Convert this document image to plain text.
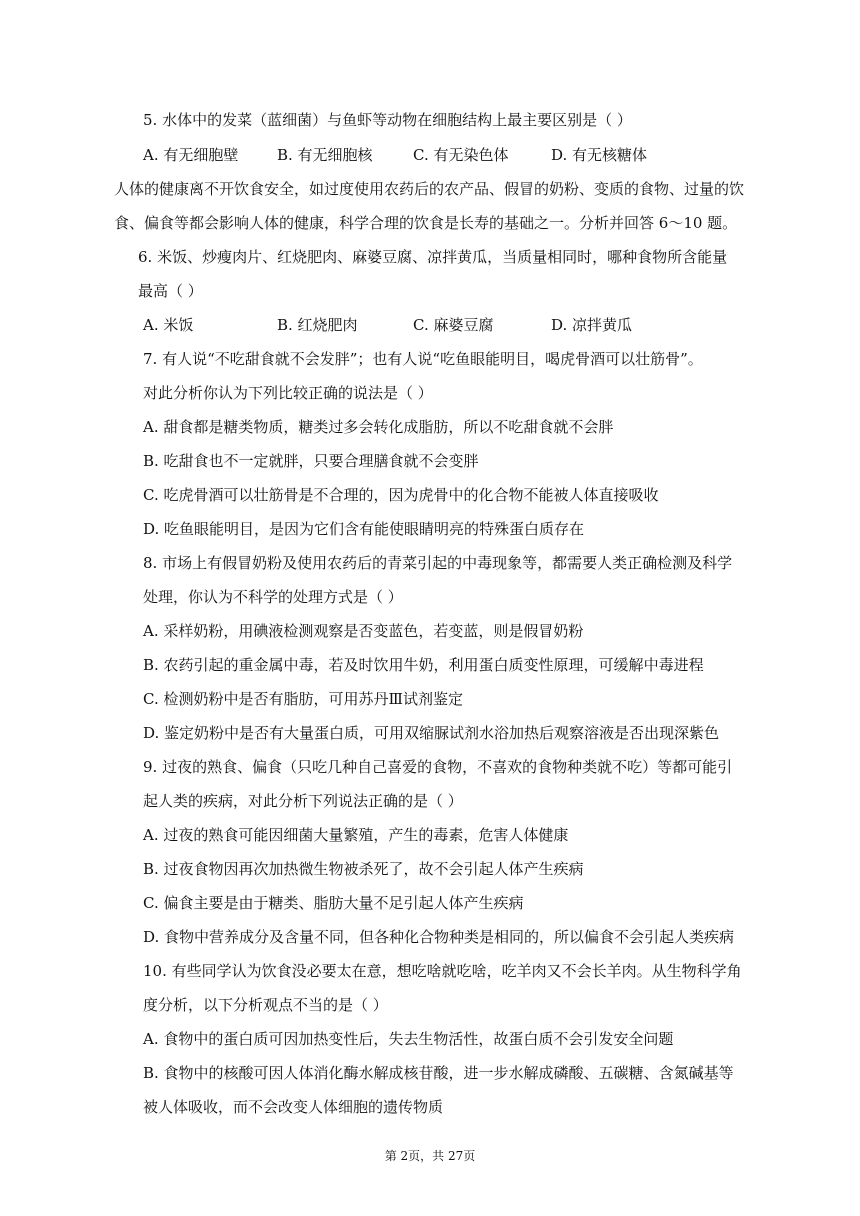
5. 水体中的发菜（蓝细菌）与鱼虾等动物在细胞结构上最主要区别是（ ）
A. 有无细胞壁	B. 有无细胞核	C. 有无染色体	D. 有无核糖体
人体的健康离不开饮食安全，如过度使用农药后的农产品、假冒的奶粉、变质的食物、过量的饮
食、偏食等都会影响人体的健康，科学合理的饮食是长寿的基础之一。分析并回答 6～10 题。
6. 米饭、炒瘦肉片、红烧肥肉、麻婆豆腐、凉拌黄瓜，当质量相同时，哪种食物所含能量
最高（ ）
A. 米饭	B. 红烧肥肉	C. 麻婆豆腐	D. 凉拌黄瓜
7. 有人说“不吃甜食就不会发胖”；也有人说“吃鱼眼能明目，喝虎骨酒可以壮筋骨”。
对此分析你认为下列比较正确的说法是（ ）
A. 甜食都是糖类物质，糖类过多会转化成脂肪，所以不吃甜食就不会胖
B. 吃甜食也不一定就胖，只要合理膳食就不会变胖
C. 吃虎骨酒可以壮筋骨是不合理的，因为虎骨中的化合物不能被人体直接吸收
D. 吃鱼眼能明目，是因为它们含有能使眼睛明亮的特殊蛋白质存在
8. 市场上有假冒奶粉及使用农药后的青菜引起的中毒现象等，都需要人类正确检测及科学
处理，你认为不科学的处理方式是（ ）
A. 采样奶粉，用碘液检测观察是否变蓝色，若变蓝，则是假冒奶粉
B. 农药引起的重金属中毒，若及时饮用牛奶，利用蛋白质变性原理，可缓解中毒进程
C. 检测奶粉中是否有脂肪，可用苏丹Ⅲ试剂鉴定
D. 鉴定奶粉中是否有大量蛋白质，可用双缩脲试剂水浴加热后观察溶液是否出现深紫色
9. 过夜的熟食、偏食（只吃几种自己喜爱的食物，不喜欢的食物种类就不吃）等都可能引
起人类的疾病，对此分析下列说法正确的是（ ）
A. 过夜的熟食可能因细菌大量繁殖，产生的毒素，危害人体健康
B. 过夜食物因再次加热微生物被杀死了，故不会引起人体产生疾病
C. 偏食主要是由于糖类、脂肪大量不足引起人体产生疾病
D. 食物中营养成分及含量不同，但各种化合物种类是相同的，所以偏食不会引起人类疾病
10. 有些同学认为饮食没必要太在意，想吃啥就吃啥，吃羊肉又不会长羊肉。从生物科学角
度分析，以下分析观点不当的是（ ）
A. 食物中的蛋白质可因加热变性后，失去生物活性，故蛋白质不会引发安全问题
B. 食物中的核酸可因人体消化酶水解成核苷酸，进一步水解成磷酸、五碳糖、含氮碱基等
被人体吸收，而不会改变人体细胞的遗传物质
第 2页，共 27页
